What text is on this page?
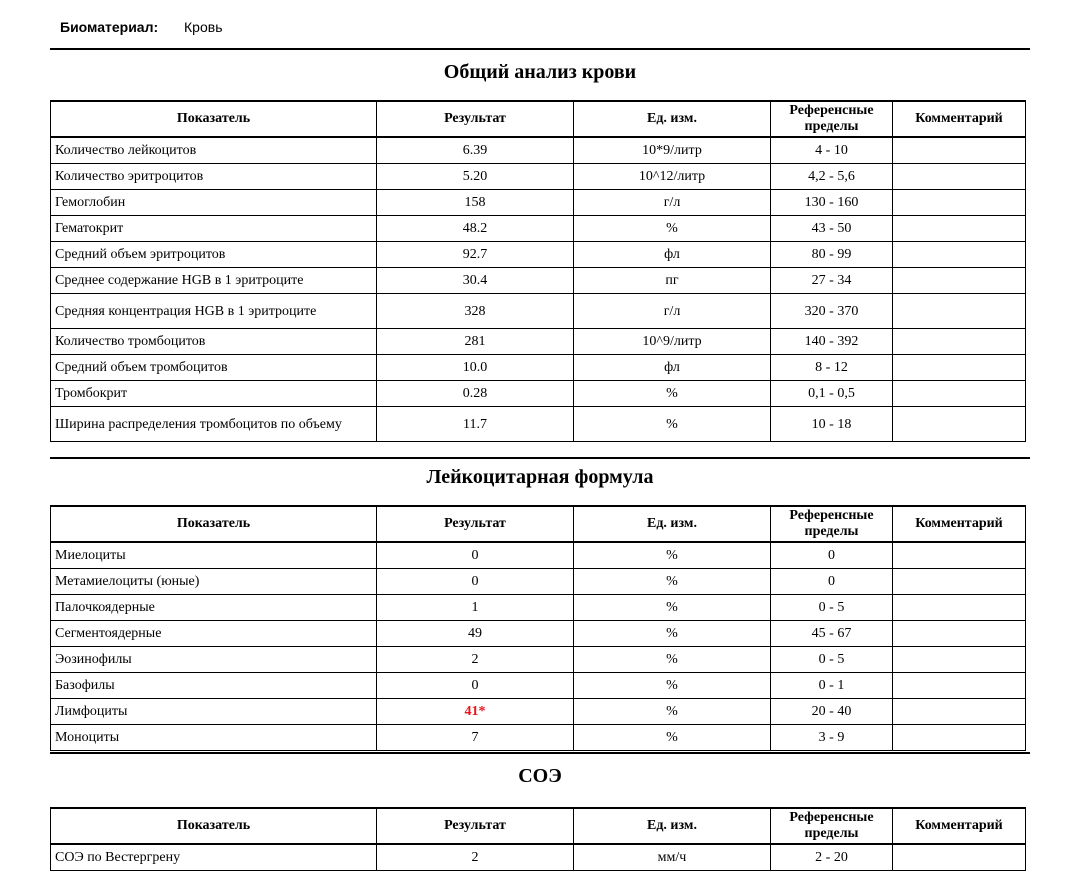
Биоматериал: Кровь
Общий анализ крови
Показатель	Результат	Ед. изм.	Референсные пределы	Комментарий
Количество лейкоцитов	6.39	10*9/литр	4 - 10	
Количество эритроцитов	5.20	10^12/литр	4,2 - 5,6	
Гемоглобин	158	г/л	130 - 160	
Гематокрит	48.2	%	43 - 50	
Средний объем эритроцитов	92.7	фл	80 - 99	
Среднее содержание HGB в 1 эритроците	30.4	пг	27 - 34	
Средняя концентрация HGB в 1 эритроците	328	г/л	320 - 370	
Количество тромбоцитов	281	10^9/литр	140 - 392	
Средний объем тромбоцитов	10.0	фл	8 - 12	
Тромбокрит	0.28	%	0,1 - 0,5	
Ширина распределения тромбоцитов по объему	11.7	%	10 - 18	
Лейкоцитарная формула
Показатель	Результат	Ед. изм.	Референсные пределы	Комментарий
Миелоциты	0	%	0	
Метамиелоциты (юные)	0	%	0	
Палочкоядерные	1	%	0 - 5	
Сегментоядерные	49	%	45 - 67	
Эозинофилы	2	%	0 - 5	
Базофилы	0	%	0 - 1	
Лимфоциты	41*	%	20 - 40	
Моноциты	7	%	3 - 9	
СОЭ
Показатель	Результат	Ед. изм.	Референсные пределы	Комментарий
СОЭ по Вестергрену	2	мм/ч	2 - 20	
